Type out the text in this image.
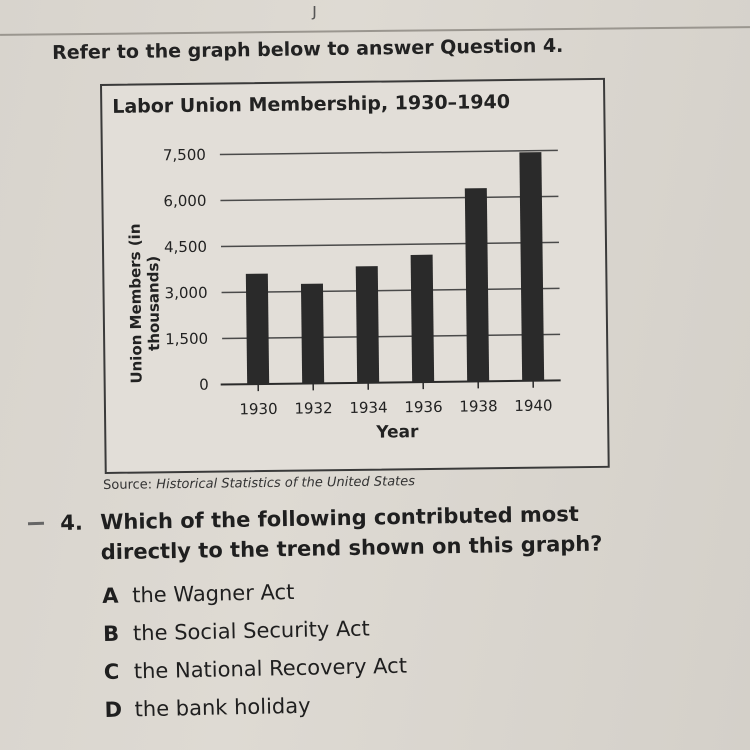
ȷ
Refer to the graph below to answer Question 4.
Labor Union Membership, 1930–1940
Union Members (in thousands)
Year
0
1,500
3,000
4,500
6,000
7,500
1930 1932 1934 1936 1938 1940
Source: Historical Statistics of the United States
4. Which of the following contributed most
directly to the trend shown on this graph?
A the Wagner Act
B the Social Security Act
C the National Recovery Act
D the bank holiday
